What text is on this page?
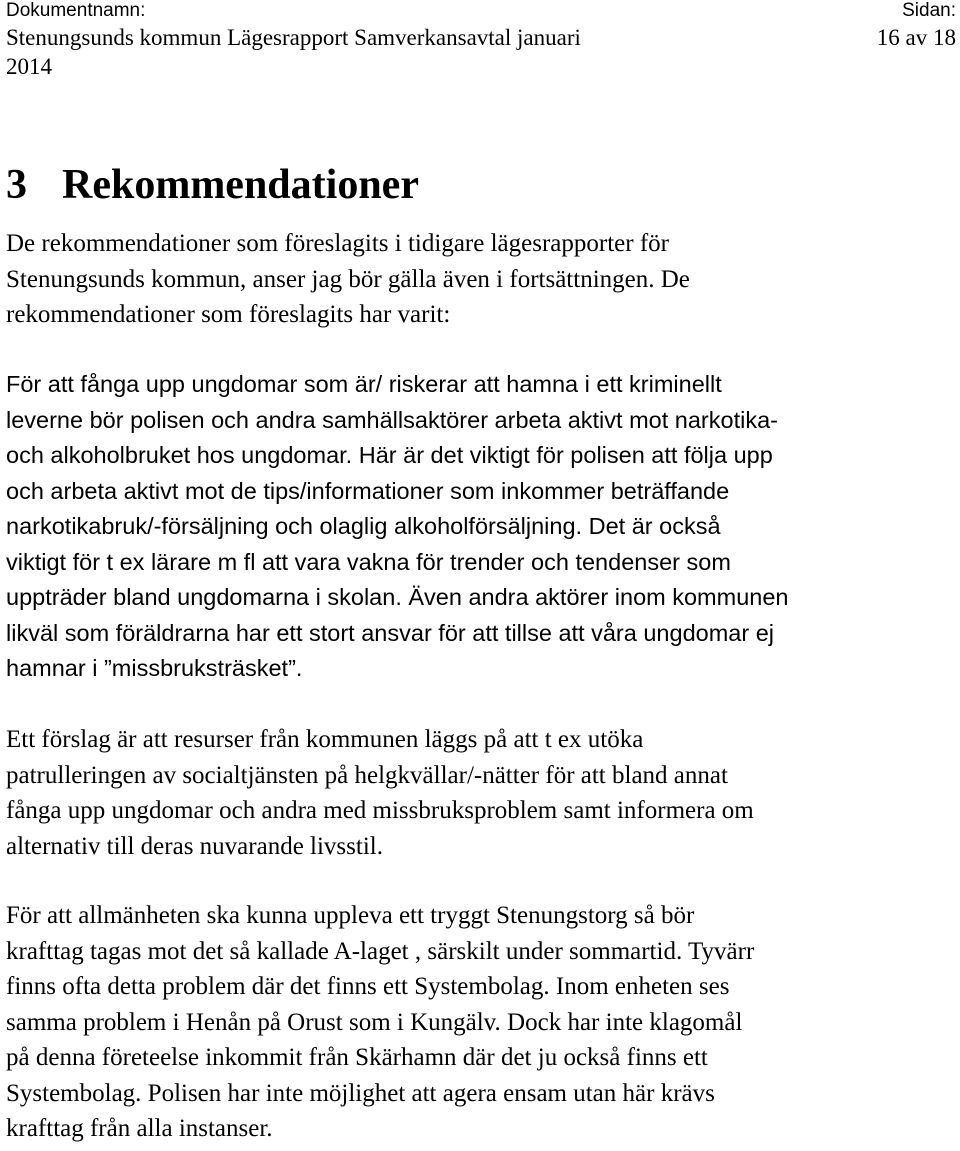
Dokumentnamn:	Sidan:
Stenungsunds kommun Lägesrapport Samverkansavtal januari
2014
16 av 18
3 Rekommendationer

De rekommendationer som föreslagits i tidigare lägesrapporter för
Stenungsunds kommun, anser jag bör gälla även i fortsättningen. De
rekommendationer som föreslagits har varit:

För att fånga upp ungdomar som är/ riskerar att hamna i ett kriminellt
leverne bör polisen och andra samhällsaktörer arbeta aktivt mot narkotika-
och alkoholbruket hos ungdomar. Här är det viktigt för polisen att följa upp
och arbeta aktivt mot de tips/informationer som inkommer beträffande
narkotikabruk/-försäljning och olaglig alkoholförsäljning. Det är också
viktigt för t ex lärare m fl att vara vakna för trender och tendenser som
uppträder bland ungdomarna i skolan. Även andra aktörer inom kommunen
likväl som föräldrarna har ett stort ansvar för att tillse att våra ungdomar ej
hamnar i ”missbruksträsket”.

Ett förslag är att resurser från kommunen läggs på att t ex utöka
patrulleringen av socialtjänsten på helgkvällar/-nätter för att bland annat
fånga upp ungdomar och andra med missbruksproblem samt informera om
alternativ till deras nuvarande livsstil.

För att allmänheten ska kunna uppleva ett tryggt Stenungstorg så bör
krafttag tagas mot det så kallade A-laget , särskilt under sommartid. Tyvärr
finns ofta detta problem där det finns ett Systembolag. Inom enheten ses
samma problem i Henån på Orust som i Kungälv. Dock har inte klagomål
på denna företeelse inkommit från Skärhamn där det ju också finns ett
Systembolag. Polisen har inte möjlighet att agera ensam utan här krävs
krafttag från alla instanser.
